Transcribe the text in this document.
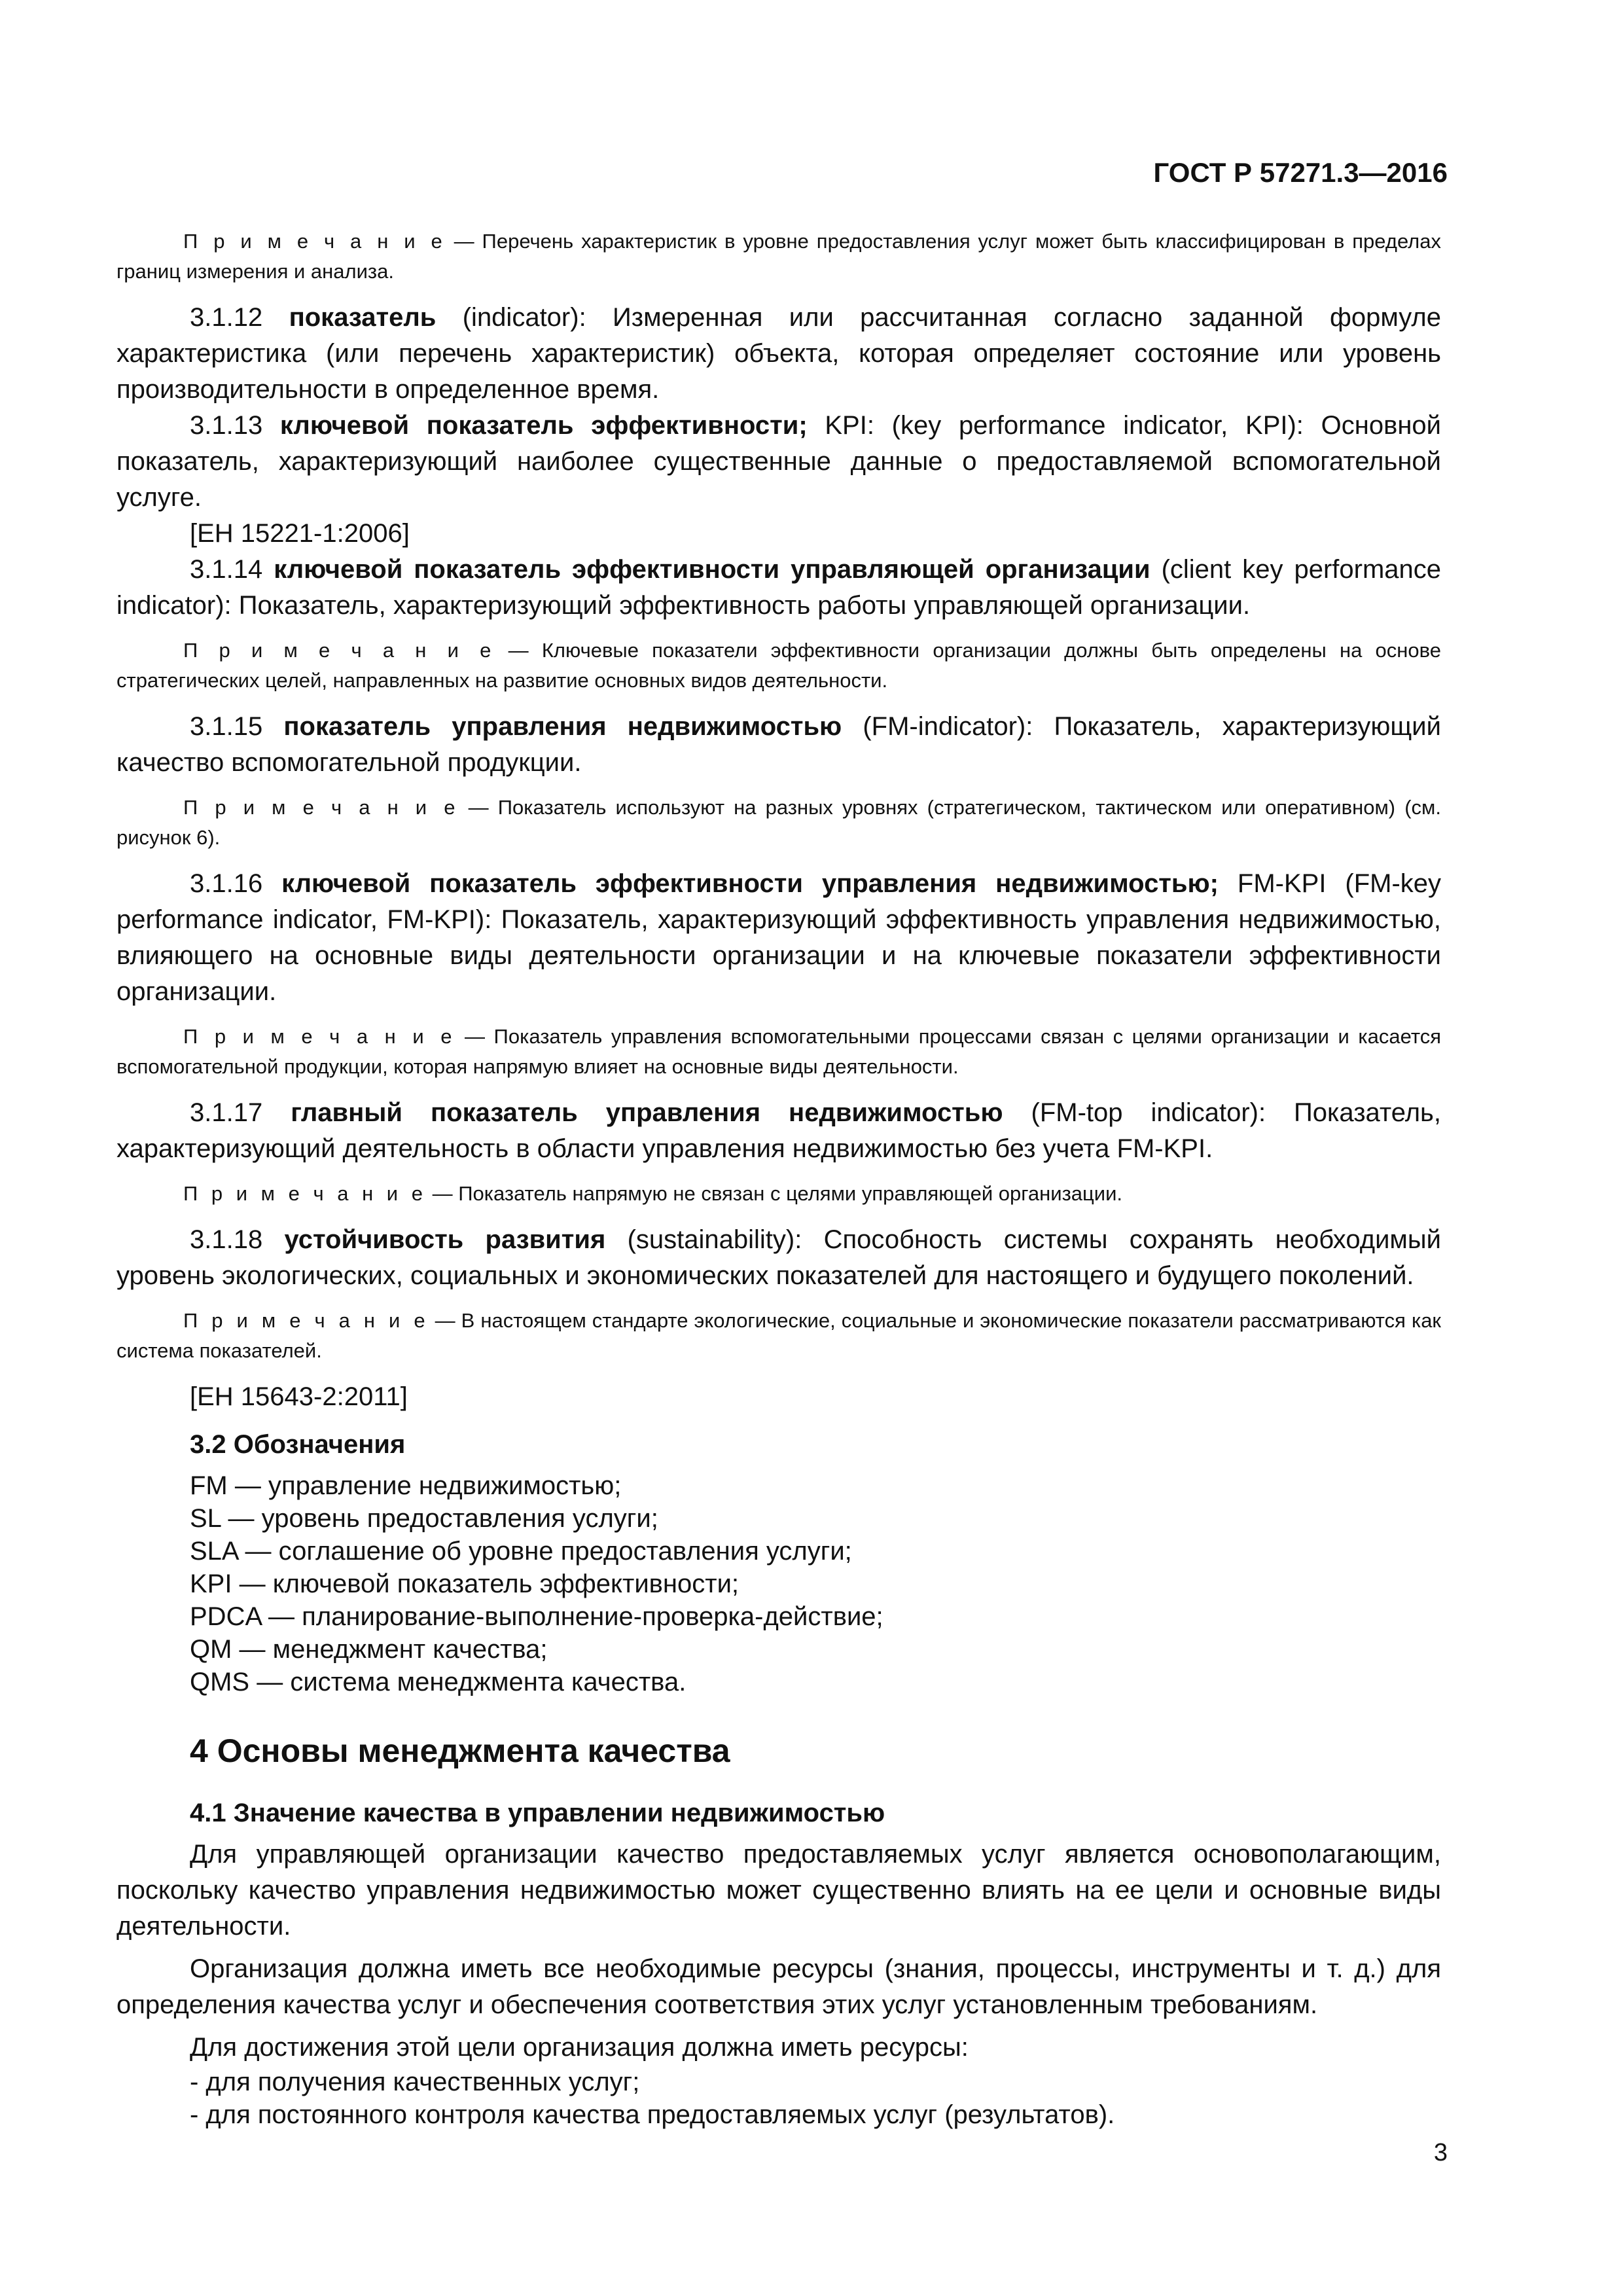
ГОСТ Р 57271.3—2016

П р и м е ч а н и е — Перечень характеристик в уровне предоставления услуг может быть классифицирован в пределах границ измерения и анализа.

3.1.12 показатель (indicator): Измеренная или рассчитанная согласно заданной формуле характеристика (или перечень характеристик) объекта, которая определяет состояние или уровень производительности в определенное время.

3.1.13 ключевой показатель эффективности; KPI: (key performance indicator, KPI): Основной показатель, характеризующий наиболее существенные данные о предоставляемой вспомогательной услуге.

[ЕН 15221-1:2006]

3.1.14 ключевой показатель эффективности управляющей организации (client key performance indicator): Показатель, характеризующий эффективность работы управляющей организации.

П р и м е ч а н и е — Ключевые показатели эффективности организации должны быть определены на основе стратегических целей, направленных на развитие основных видов деятельности.

3.1.15 показатель управления недвижимостью (FM-indicator): Показатель, характеризующий качество вспомогательной продукции.

П р и м е ч а н и е — Показатель используют на разных уровнях (стратегическом, тактическом или оперативном) (см. рисунок 6).

3.1.16 ключевой показатель эффективности управления недвижимостью; FM-KPI (FM-key performance indicator, FM-KPI): Показатель, характеризующий эффективность управления недвижимостью, влияющего на основные виды деятельности организации и на ключевые показатели эффективности организации.

П р и м е ч а н и е — Показатель управления вспомогательными процессами связан с целями организации и касается вспомогательной продукции, которая напрямую влияет на основные виды деятельности.

3.1.17 главный показатель управления недвижимостью (FM-top indicator): Показатель, характеризующий деятельность в области управления недвижимостью без учета FM-KPI.

П р и м е ч а н и е — Показатель напрямую не связан с целями управляющей организации.

3.1.18 устойчивость развития (sustainability): Способность системы сохранять необходимый уровень экологических, социальных и экономических показателей для настоящего и будущего поколений.

П р и м е ч а н и е — В настоящем стандарте экологические, социальные и экономические показатели рассматриваются как система показателей.

[ЕН 15643-2:2011]

3.2 Обозначения
FM — управление недвижимостью;
SL — уровень предоставления услуги;
SLA — соглашение об уровне предоставления услуги;
KPI — ключевой показатель эффективности;
PDCA — планирование-выполнение-проверка-действие;
QM — менеджмент качества;
QMS — система менеджмента качества.
4 Основы менеджмента качества
4.1 Значение качества в управлении недвижимостью

Для управляющей организации качество предоставляемых услуг является основополагающим, поскольку качество управления недвижимостью может существенно влиять на ее цели и основные виды деятельности.

Организация должна иметь все необходимые ресурсы (знания, процессы, инструменты и т. д.) для определения качества услуг и обеспечения соответствия этих услуг установленным требованиям.

Для достижения этой цели организация должна иметь ресурсы:

- для получения качественных услуг;
- для постоянного контроля качества предоставляемых услуг (результатов).
3
